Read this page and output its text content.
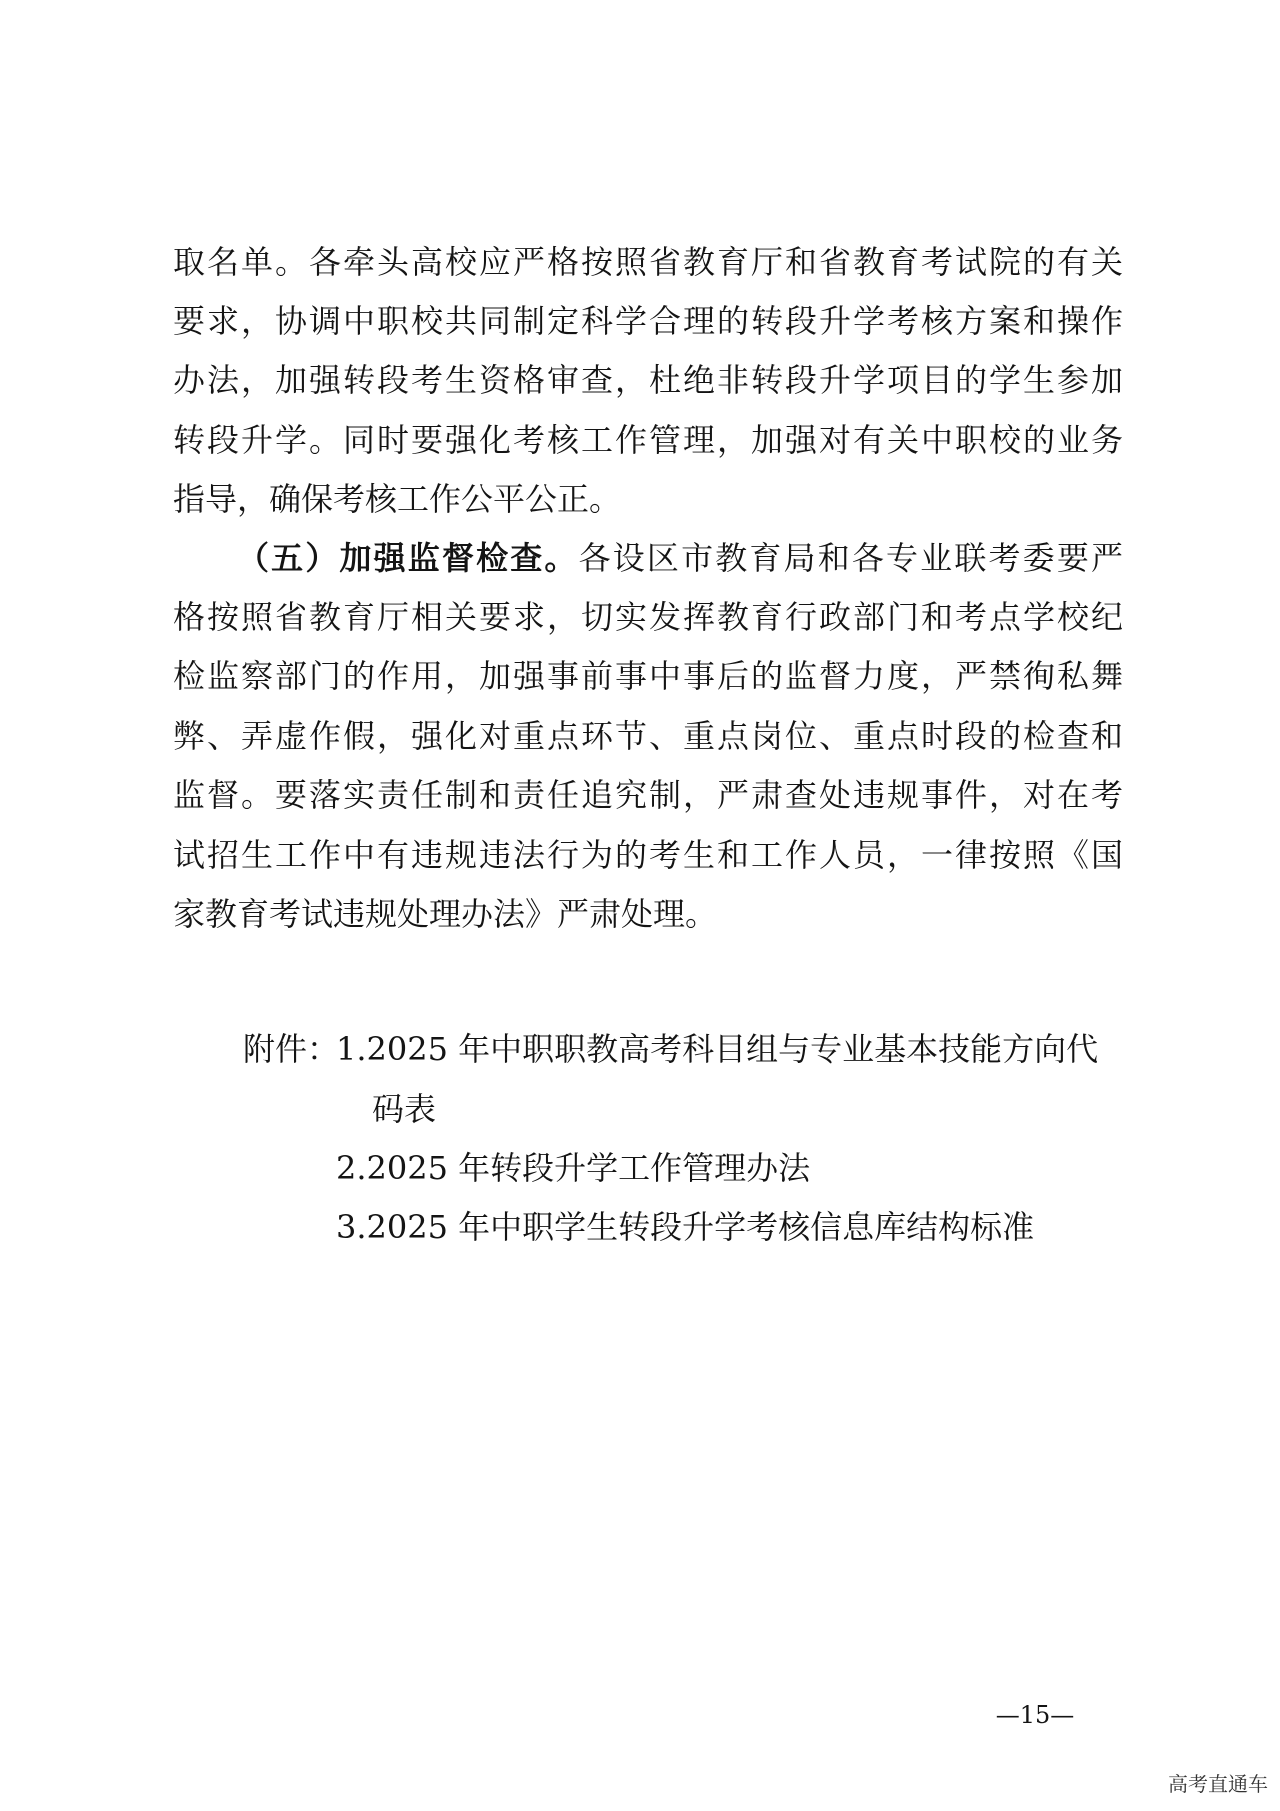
取名单。各牵头高校应严格按照省教育厅和省教育考试院的有关
要求，协调中职校共同制定科学合理的转段升学考核方案和操作
办法，加强转段考生资格审查，杜绝非转段升学项目的学生参加
转段升学。同时要强化考核工作管理，加强对有关中职校的业务
指导，确保考核工作公平公正。
（五）加强监督检查。各设区市教育局和各专业联考委要严
格按照省教育厅相关要求，切实发挥教育行政部门和考点学校纪
检监察部门的作用，加强事前事中事后的监督力度，严禁徇私舞
弊、弄虚作假，强化对重点环节、重点岗位、重点时段的检查和
监督。要落实责任制和责任追究制，严肃查处违规事件，对在考
试招生工作中有违规违法行为的考生和工作人员，一律按照《国
家教育考试违规处理办法》严肃处理。
附件：
1.2025 年中职职教高考科目组与专业基本技能方向代
码表
2.2025 年转段升学工作管理办法
3.2025 年中职学生转段升学考核信息库结构标准
—15—
高考直通车
